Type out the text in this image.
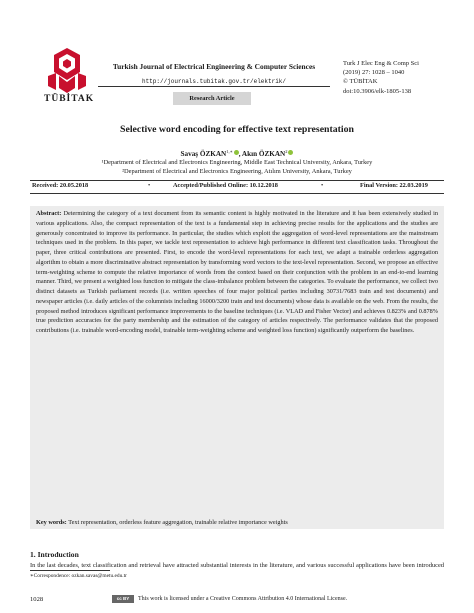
TÜBİTAK
Turkish Journal of Electrical Engineering & Computer Sciences
http://journals.tubitak.gov.tr/elektrik/
Research Article
Turk J Elec Eng & Comp Sci
(2019) 27: 1028 – 1040
© TÜBİTAK
doi:10.3906/elk-1805-138
Selective word encoding for effective text representation
Savaş $ÖZKAN^{1,∗}$ , Akın ÖZKAN$^2$
¹Department of Electrical and Electronics Engineering, Middle East Technical University, Ankara, Turkey
²Department of Electrical and Electronics Engineering, Atılım University, Ankara, Turkey
Received: 20.05.2018	•	Accepted/Published Online: 10.12.2018	•	Final Version: 22.03.2019

Abstract: Determining the category of a text document from its semantic content is highly motivated in the literature and it has been extensively studied in various applications. Also, the compact representation of the text is a fundamental step in achieving precise results for the applications and the studies are generously concentrated to improve its performance. In particular, the studies which exploit the aggregation of word-level representations are the mainstream techniques used in the problem. In this paper, we tackle text representation to achieve high performance in different text classification tasks. Throughout the paper, three critical contributions are presented. First, to encode the word-level representations for each text, we adapt a trainable orderless aggregation algorithm to obtain a more discriminative abstract representation by transforming word vectors to the text-level representation. Second, we propose an effective term-weighting scheme to compute the relative importance of words from the context based on their conjunction with the problem in an end-to-end learning manner. Third, we present a weighted loss function to mitigate the class-imbalance problem between the categories. To evaluate the performance, we collect two distinct datasets as Turkish parliament records (i.e. written speeches of four major political parties including 30731/7683 train and test documents) and newspaper articles (i.e. daily articles of the columnists including 16000/3200 train and test documents) whose data is available on the web. From the results, the proposed method introduces significant performance improvements to the baseline techniques (i.e. VLAD and Fisher Vector) and achieves 0.823% and 0.878% true prediction accuracies for the party membership and the estimation of the category of articles respectively. The performance validates that the proposed contributions (i.e. trainable word-encoding model, trainable term-weighting scheme and weighted loss function) significantly outperform the baselines.

Key words: Text representation, orderless feature aggregation, trainable relative importance weights
1. Introduction

In the last decades, text classification and retrieval have attracted substantial interests in the literature, and various successful applications have been introduced

∗Correspondence: ozkan.savas@metu.edu.tr
1028	cc BY	This work is licensed under a Creative Commons Attribution 4.0 International License.
